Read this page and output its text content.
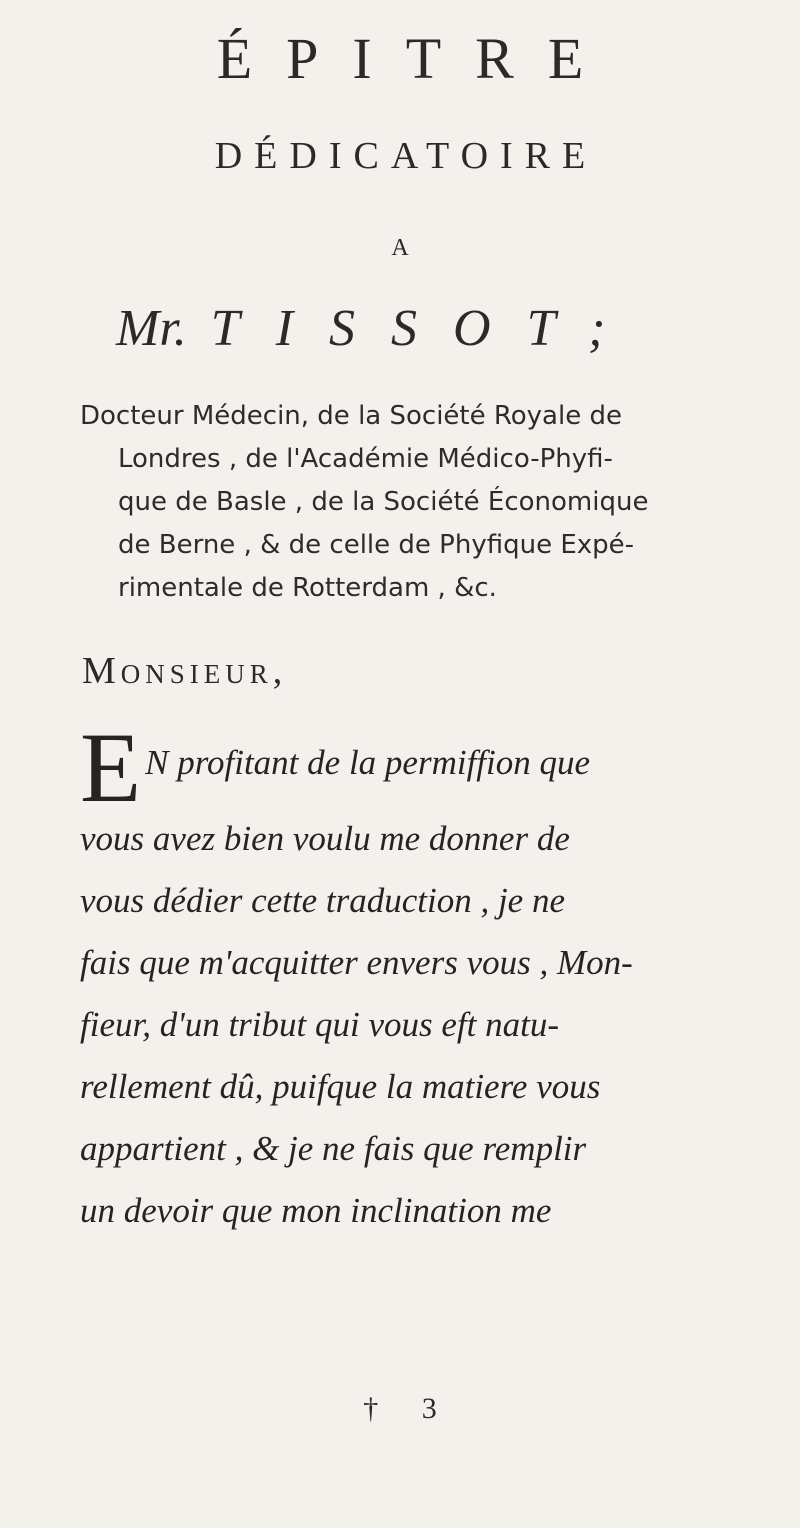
ÉPITRE
DÉDICATOIRE
A
Mr. TISSOT;
Docteur Médecin, de la Société Royale de
Londres , de l'Académie Médico-Phyfi-
que de Basle , de la Société Économique
de Berne , & de celle de Phyfique Expé-
rimentale de Rotterdam , &c.
Monsieur,
E N profitant de la permiffion que
vous avez bien voulu me donner de
vous dédier cette traduction , je ne
fais que m'acquitter envers vous , Mon-
fieur, d'un tribut qui vous eft natu-
rellement dû, puifque la matiere vous
appartient , & je ne fais que remplir
un devoir que mon inclination me
† 3
